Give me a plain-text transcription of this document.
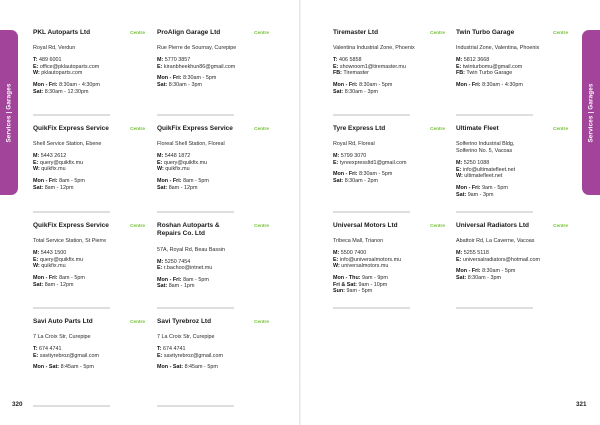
Services | Garages	Services | Garages
320	321
PKL Autoparts Ltd	Centre
Royal Rd, Verdun
T: 489 6001
E: office@pklautoparts.com
W: pklautoparts.com
Mon - Fri: 8:30am - 4:30pm
Sat: 8:30am - 12:30pm
ProAlign Garage Ltd	Centre
Rue Pierre de Sournay, Curepipe
M: 5770 3857
E: kiranbheekhun86@gmail.com
Mon - Fri: 8:30am - 5pm
Sat: 8:30am - 3pm
Tiremaster Ltd	Centre
Valentina Industrial Zone, Phoenix
T: 406 5858
E: showroom1@tiremaster.mu
FB: Tiremaster
Mon - Fri: 8:30am - 5pm
Sat: 8:30am - 3pm
Twin Turbo Garage	Centre
Industrial Zone, Valentina, Phoenix
M: 5812 3668
E: twinturbomu@gmail.com
FB: Twin Turbo Garage
Mon - Fri: 8:30am - 4:30pm
QuikFix Express Service	Centre
Shell Service Station, Ebene
M: 5443 2612
E: query@quikfix.mu
W: quikfix.mu
Mon - Fri: 8am - 5pm
Sat: 8am - 12pm
QuikFix Express Service	Centre
Floreal Shell Station, Floreal
M: 5448 1872
E: query@quikfix.mu
W: quikfix.mu
Mon - Fri: 8am - 5pm
Sat: 8am - 12pm
Tyre Express Ltd	Centre
Royal Rd, Floreal
M: 5799 3070
E: tyreexpressltd1@gmail.com
Mon - Fri: 8:30am - 5pm
Sat: 8:30am - 2pm
Ultimate Fleet	Centre
Solferino Industrial Bldg,
Solferino No. 5, Vacoas
M: 5250 1088
E: info@ultimatefleet.net
W: ultimatefleet.net
Mon - Fri: 9am - 5pm
Sat: 9am - 3pm
QuikFix Express Service	Centre
Total Service Station, St Pierre
M: 5443 1500
E: query@quikfix.mu
W: quikfix.mu
Mon - Fri: 8am - 5pm
Sat: 8am - 12pm
Roshan Autoparts & Repairs Co. Ltd
Centre
57A, Royal Rd, Beau Bassin
M: 5250 7454
E: r.bachoo@intnet.mu
Mon - Fri: 8am - 5pm
Sat: 8am - 1pm
Universal Motors Ltd	Centre
Tribeca Mall, Trianon
M: 5500 7400
E: info@universalmotors.mu
W: universalmotors.mu
Mon - Thu: 9am - 9pm
Fri & Sat: 9am - 10pm
Sun: 9am - 5pm
Universal Radiators Ltd	Centre
Abattoir Rd, La Caverne, Vacoas
M: 5255 5118
E: universalradiators@hotmail.com
Mon - Fri: 8:30am - 5pm
Sat: 8:30am - 3pm
Savi Auto Parts Ltd	Centre
7 La Croix Str, Curepipe
T: 674 4741
E: savityrebroz@gmail.com
Mon - Sat: 8:45am - 5pm
Savi Tyrebroz Ltd	Centre
7 La Croix Str, Curepipe
T: 674 4741
E: savityrebroz@gmail.com
Mon - Sat: 8:45am - 5pm
